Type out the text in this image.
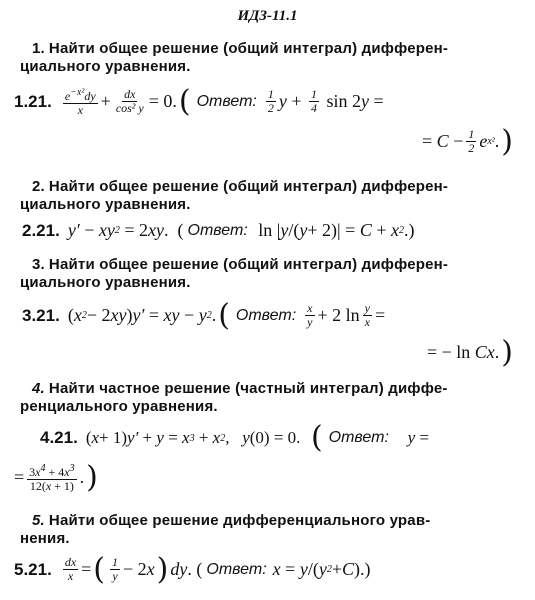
ИДЗ-11.1
1. Найти общее решение (общий интеграл) дифферен-
циального уравнения.
1.21. $\frac{e^{-x^2}dy}{x} + \frac{dx}{\text{cos² y}} = 0$. ( Ответ: $\frac{1}{2}$ $y + \frac{1}{4}$ sin 2 y =
= $C - \frac{1}{2}$ e x² . )
2. Найти общее решение (общий интеграл) дифферен-
циального уравнения.
2.21. y′ − xy 2 = 2 xy .  ( Ответ: ln | y /( y + 2)| = C + x 2 .)
3. Найти общее решение (общий интеграл) дифферен-
циального уравнения.
3.21. ( x 2 − 2 xy ) y′ = xy − y 2 . ( Ответ: $\frac{x}{y} + 2$ $\ln \frac{y}{x}$ =
= − ln Cx . )
4. Найти частное решение (частный интеграл) диффе-
ренциального уравнения.
4.21. ( x + 1) y′ + y = x 3 + x 2 , y (0) = 0. ( Ответ: y =
= $\frac{3x^4 + 4x^3}{12(x + 1)}$ . )
5. Найти общее решение дифференциального урав-
нения.
5.21. $\frac{dx}{x}$ = ( $\frac{1}{y} - 2$ x ) dy . ( Ответ: x = y /( y 2 + C ).)
